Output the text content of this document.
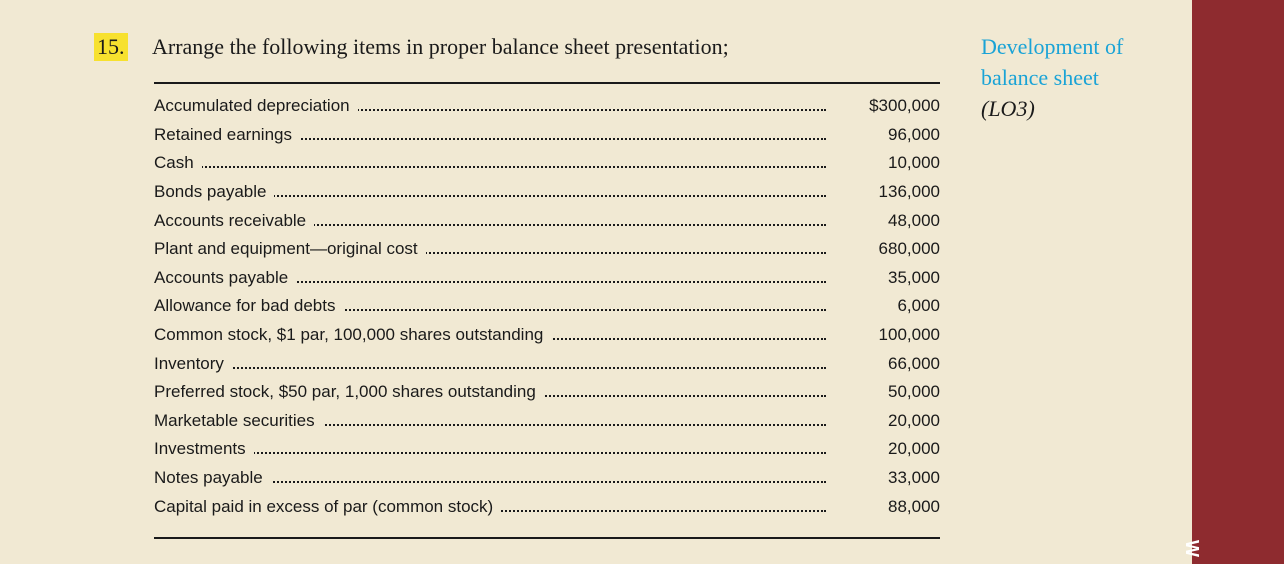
15. Arrange the following items in proper balance sheet presentation;
Accumulated depreciation	$300,000
Retained earnings	96,000
Cash	10,000
Bonds payable	136,000
Accounts receivable	48,000
Plant and equipment—original cost	680,000
Accounts payable	35,000
Allowance for bad debts	6,000
Common stock, $1 par, 100,000 shares outstanding	100,000
Inventory	66,000
Preferred stock, $50 par, 1,000 shares outstanding	50,000
Marketable securities	20,000
Investments	20,000
Notes payable	33,000
Capital paid in excess of par (common stock)	88,000
Development of
balance sheet
(LO3)
W
